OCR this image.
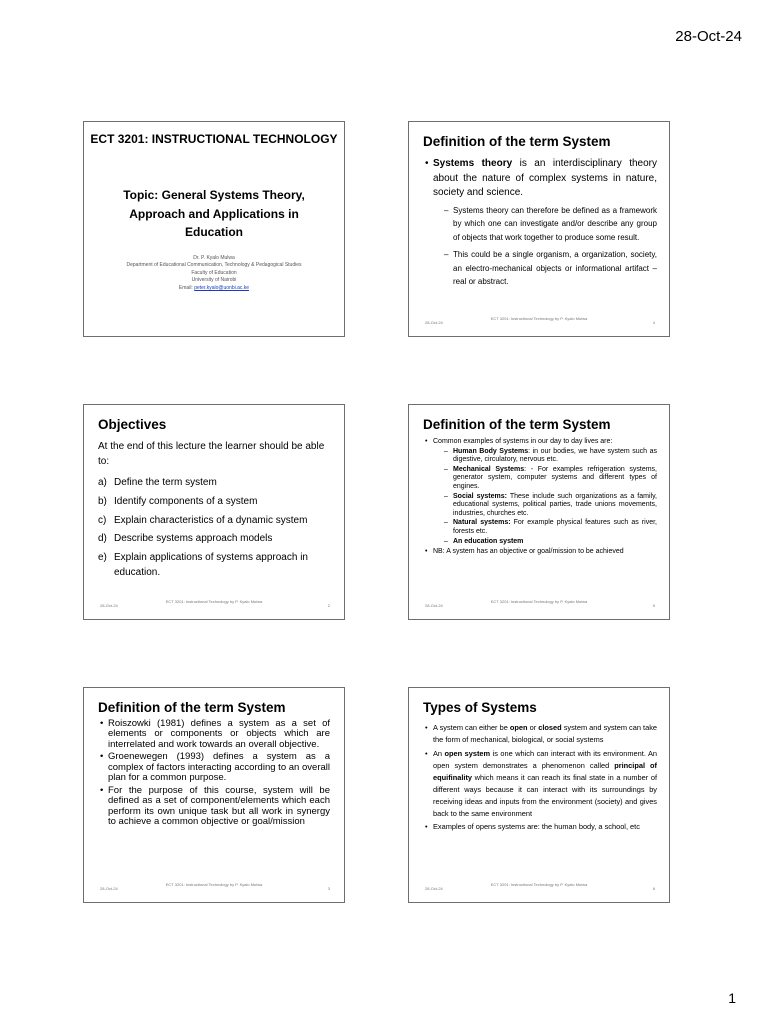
28-Oct-24
ECT 3201: INSTRUCTIONAL TECHNOLOGY
Topic: General Systems Theory, Approach and Applications in Education
Dr. P. Kyalo Mulwa
Department of Educational Communication, Technology & Pedagogical Studies
Faculty of Education
University of Nairobi
Email: peter.kyalo@uonbi.ac.ke
Definition of the term System
• Systems theory is an interdisciplinary theory about the nature of complex systems in nature, society and science.
– Systems theory can therefore be defined as a framework by which one can investigate and/or describe any group of objects that work together to produce some result.
– This could be a single organism, a organization, society, an electro-mechanical objects or informational artifact – real or abstract.
28-Oct-24
ECT 3201: Instructional Technology by P. Kyalo Mulwa
4
Objectives
At the end of this lecture the learner should be able to:
a) Define the term system
b) Identify components of a system
c) Explain characteristics of a dynamic system
d) Describe systems approach models
e) Explain applications of systems approach in education.
28-Oct-24
ECT 3201: Instructional Technology by P. Kyalo Mulwa
2
Definition of the term System
• Common examples of systems in our day to day lives are:
– Human Body Systems: in our bodies, we have system such as digestive, circulatory, nervous etc.
– Mechanical Systems: - For examples refrigeration systems, generator system, computer systems and different types of engines.
– Social systems: These include such organizations as a family, educational systems, political parties, trade unions movements, industries, churches etc.
– Natural systems: For example physical features such as river, forests etc.
– An education system
• NB: A system has an objective or goal/mission to be achieved
28-Oct-24
ECT 3201: Instructional Technology by P. Kyalo Mulwa
5
Definition of the term System
• Roiszowki (1981) defines a system as a set of elements or components or objects which are interrelated and work towards an overall objective.
• Groenewegen (1993) defines a system as a complex of factors interacting according to an overall plan for a common purpose.
• For the purpose of this course, system will be defined as a set of component/elements which each perform its own unique task but all work in synergy to achieve a common objective or goal/mission
28-Oct-24
ECT 3201: Instructional Technology by P. Kyalo Mulwa
3
Types of Systems
• A system can either be open or closed system and system can take the form of mechanical, biological, or social systems
• An open system is one which can interact with its environment. An open system demonstrates a phenomenon called principal of equifinality which means it can reach its final state in a number of different ways because it can interact with its surroundings by receiving ideas and inputs from the environment (society) and gives back to the same environment
• Examples of opens systems are: the human body, a school, etc
28-Oct-24
ECT 3201: Instructional Technology by P. Kyalo Mulwa
6
1
